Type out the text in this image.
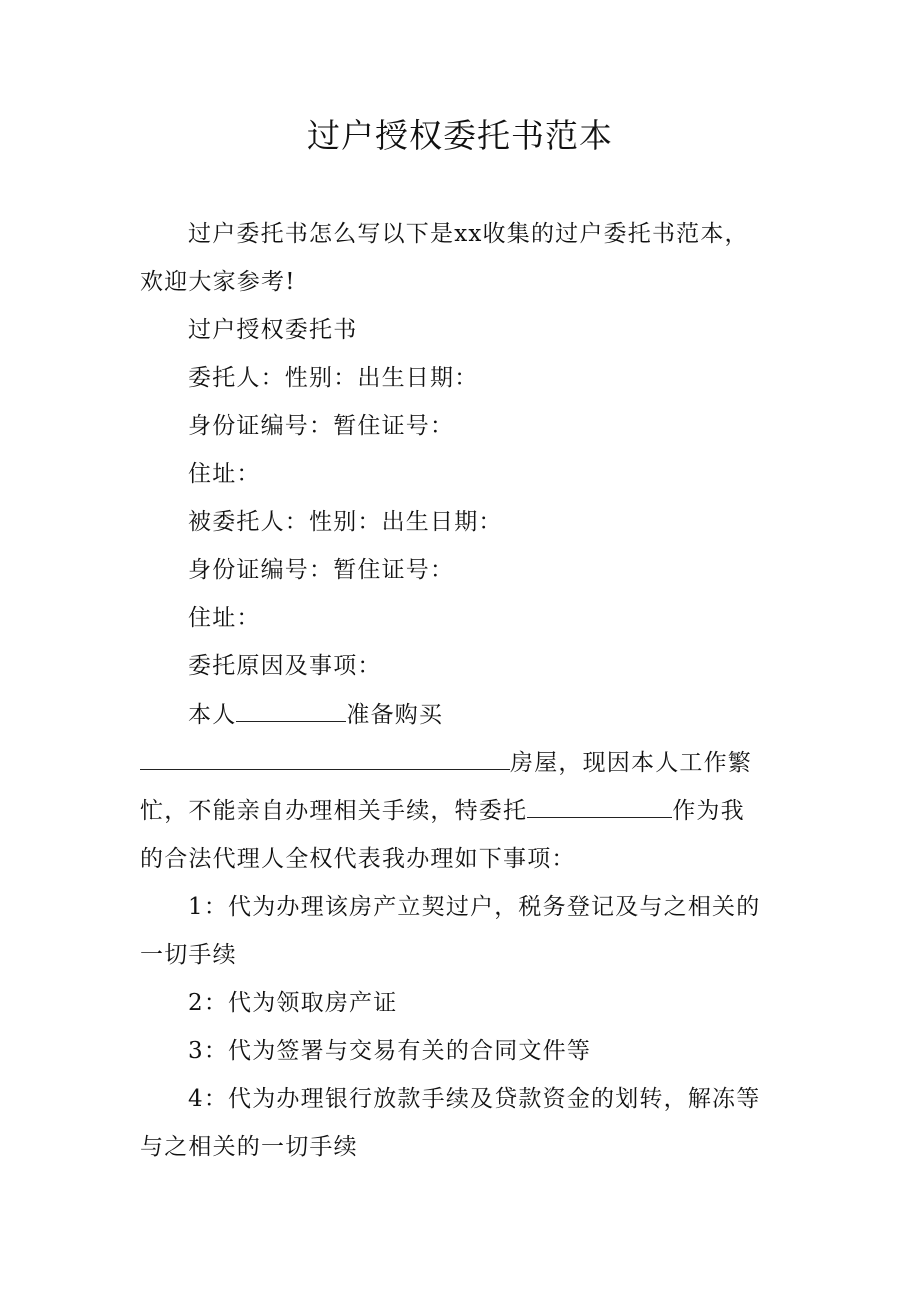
过户授权委托书范本
过户委托书怎么写以下是xx收集的过户委托书范本，
欢迎大家参考!
过户授权委托书
委托人：性别：出生日期：
身份证编号：暂住证号：
住址：
被委托人：性别：出生日期：
身份证编号：暂住证号：
住址：
委托原因及事项：
本人	准备购买
房屋，现因本人工作繁
忙，不能亲自办理相关手续，特委托	作为我
的合法代理人全权代表我办理如下事项：
1：代为办理该房产立契过户，税务登记及与之相关的
一切手续
2：代为领取房产证
3：代为签署与交易有关的合同文件等
4：代为办理银行放款手续及贷款资金的划转，解冻等
与之相关的一切手续
